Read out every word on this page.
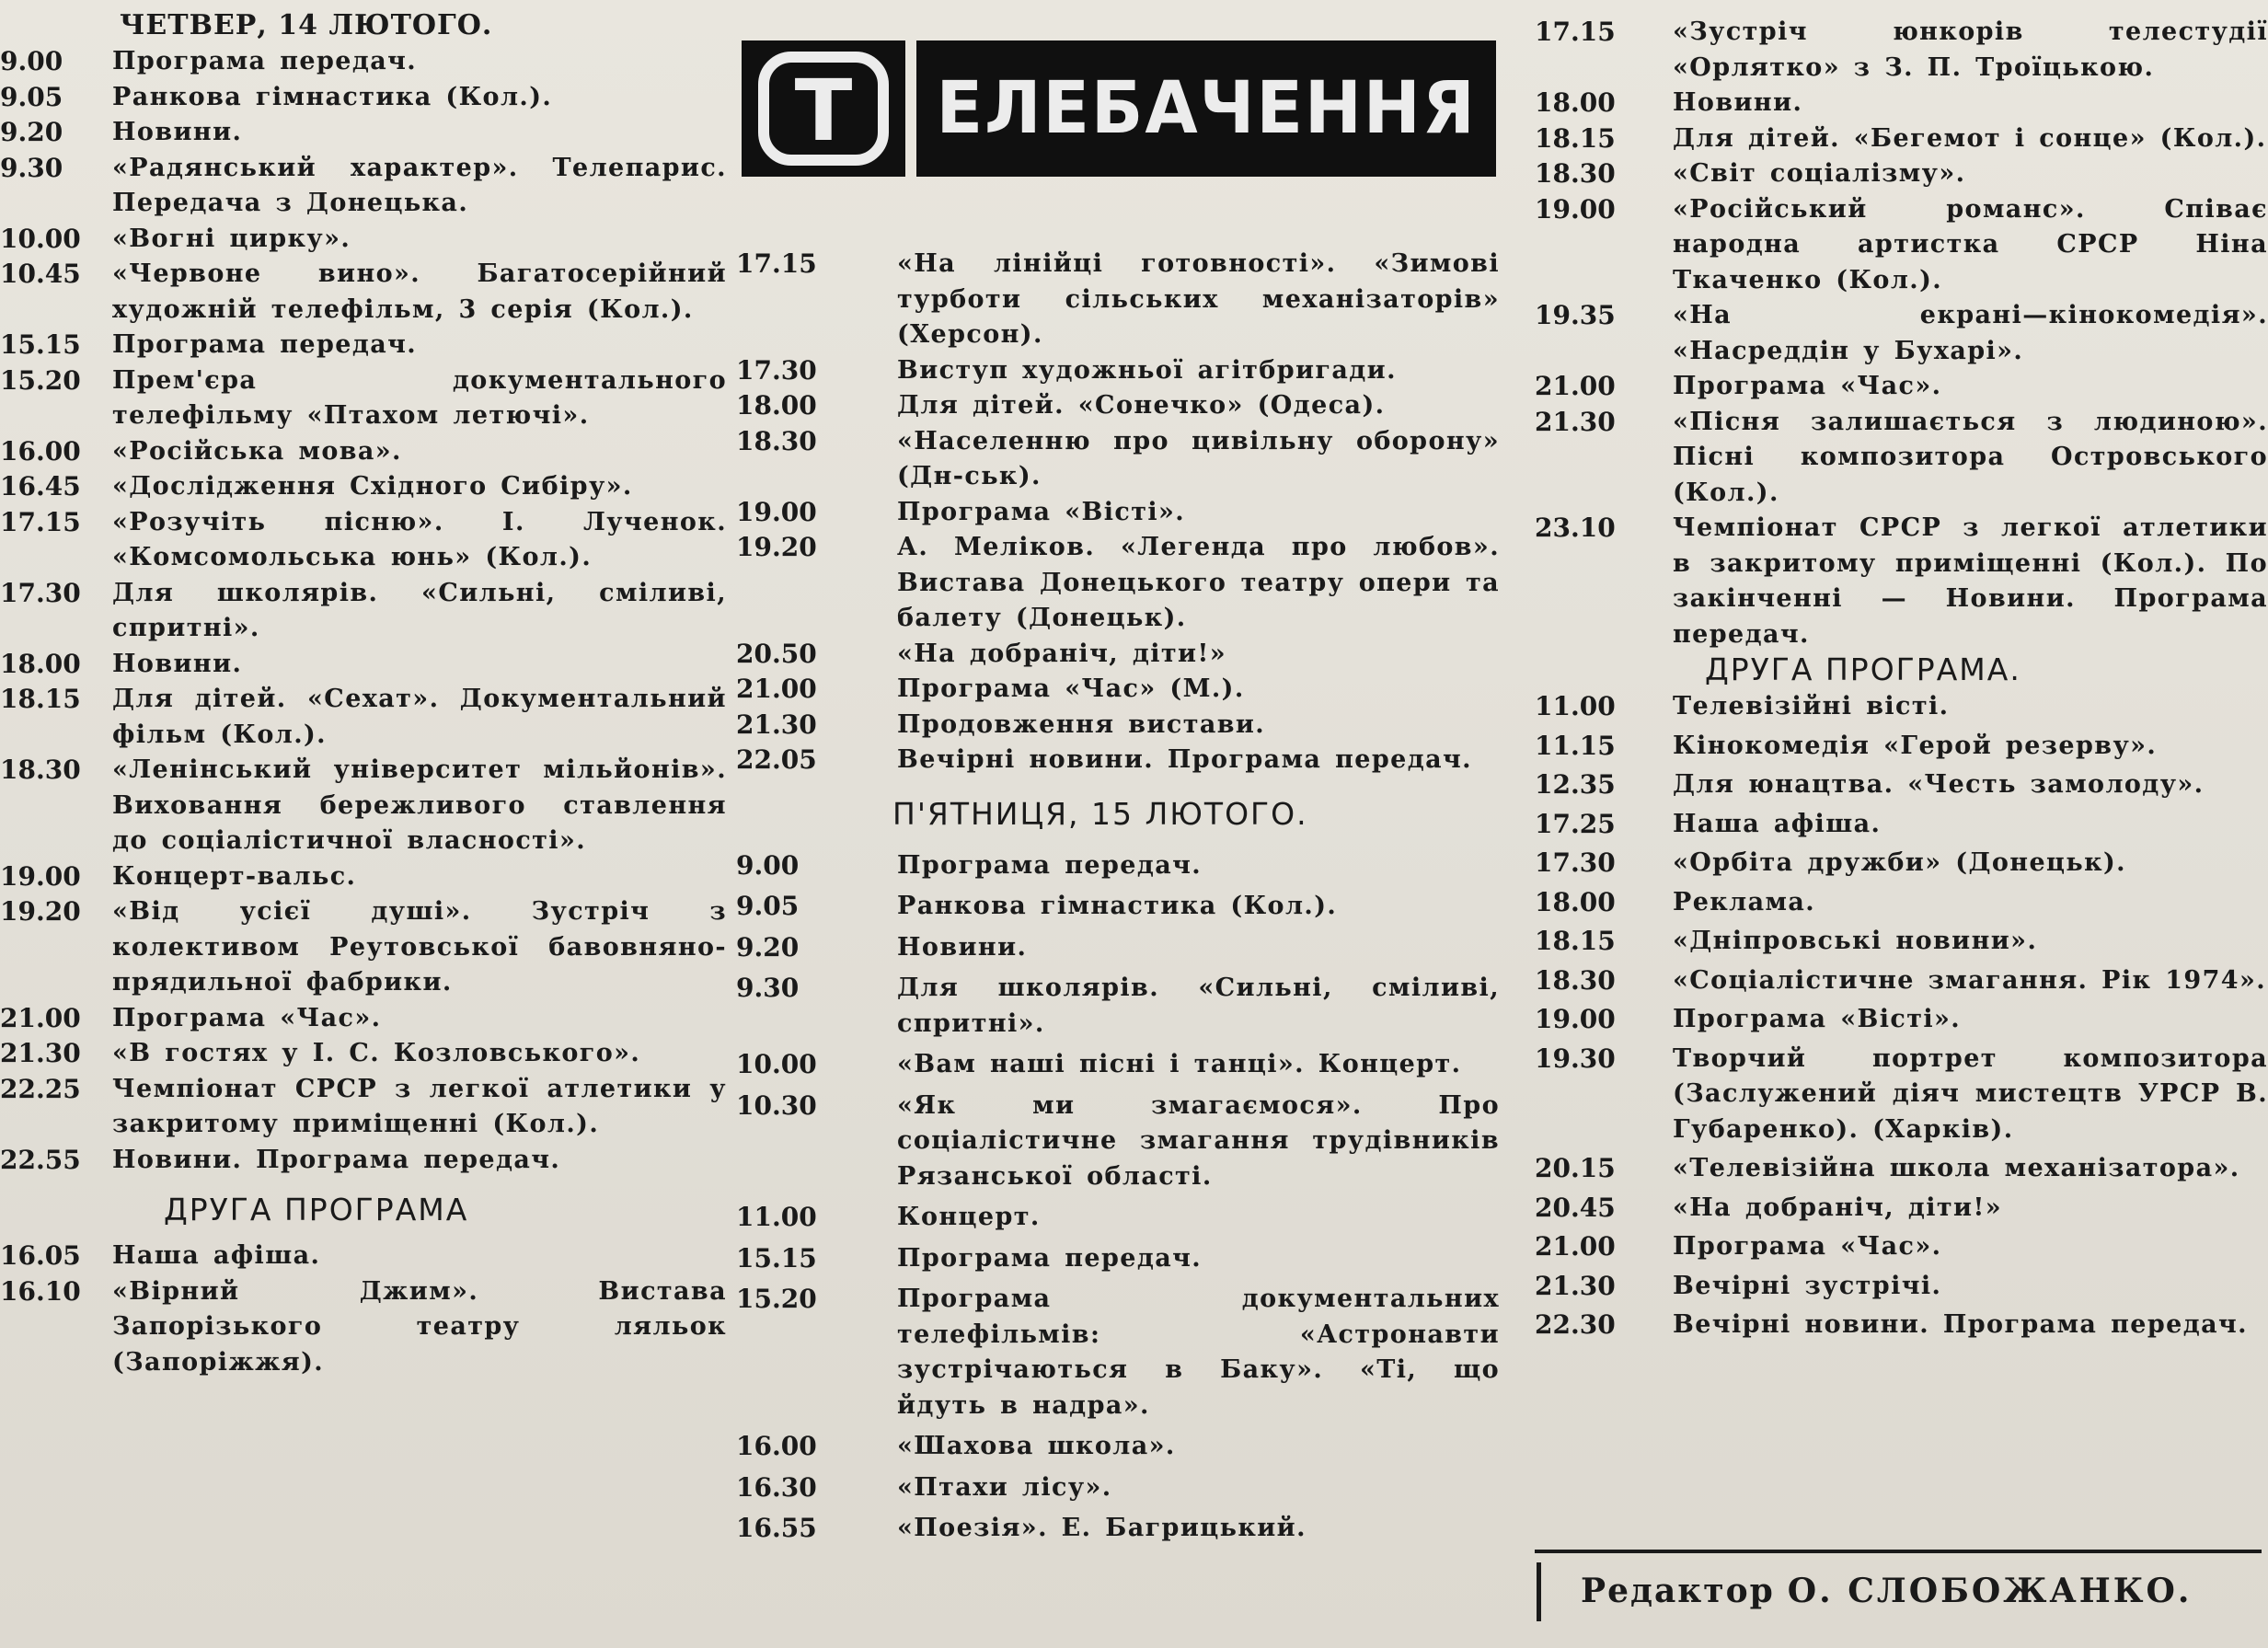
Т ЕЛЕБАЧЕННЯ
ЧЕТВЕР, 14 ЛЮТОГО.
9.00	Програма передач.
9.05	Ранкова гімнастика (Кол.).
9.20	Новини.
9.30	«Радянський характер». Телепарис. Передача з Донецька.
10.00	«Вогні цирку».
10.45	«Червоне вино». Багатосерійний художній телефільм, 3 серія (Кол.).
15.15	Програма передач.
15.20	Прем'єра документального телефільму «Птахом летючі».
16.00	«Російська мова».
16.45	«Дослідження Східного Сибіру».
17.15	«Розучіть пісню». І. Лученок. «Комсомольська юнь» (Кол.).
17.30	Для школярів. «Сильні, сміливі, спритні».
18.00	Новини.
18.15	Для дітей. «Сехат». Документальний фільм (Кол.).
18.30	«Ленінський університет мільйонів». Виховання бережливого ставлення до соціалістичної власності».
19.00	Концерт-вальс.
19.20	«Від усієї душі». Зустріч з колективом Реутовської бавовняно-прядильної фабрики.
21.00	Програма «Час».
21.30	«В гостях у І. С. Козловського».
22.25	Чемпіонат СРСР з легкої атлетики у закритому приміщенні (Кол.).
22.55	Новини. Програма передач.
ДРУГА ПРОГРАМА
16.05	Наша афіша.
16.10	«Вірний Джим». Вистава Запорізького театру ляльок (Запоріжжя).
17.15	«На лінійці готовності». «Зимові турботи сільських механізаторів» (Херсон).
17.30	Виступ художньої агітбригади.
18.00	Для дітей. «Сонечко» (Одеса).
18.30	«Населенню про цивільну оборону» (Дн-ськ).
19.00	Програма «Вісті».
19.20	А. Меліков. «Легенда про любов». Вистава Донецького театру опери та балету (Донецьк).
20.50	«На добраніч, діти!»
21.00	Програма «Час» (М.).
21.30	Продовження вистави.
22.05	Вечірні новини. Програма передач.
П'ЯТНИЦЯ, 15 ЛЮТОГО.
9.00	Програма передач.
9.05	Ранкова гімнастика (Кол.).
9.20	Новини.
9.30	Для школярів. «Сильні, сміливі, спритні».
10.00	«Вам наші пісні і танці». Концерт.
10.30	«Як ми змагаємося». Про соціалістичне змагання трудівників Рязанської області.
11.00	Концерт.
15.15	Програма передач.
15.20	Програма документальних телефільмів: «Астронавти зустрічаються в Баку». «Ті, що йдуть в надра».
16.00	«Шахова школа».
16.30	«Птахи лісу».
16.55	«Поезія». Е. Багрицький.
17.15	«Зустріч юнкорів телестудії «Орлятко» з З. П. Троїцькою.
18.00	Новини.
18.15	Для дітей. «Бегемот і сонце» (Кол.).
18.30	«Світ соціалізму».
19.00	«Російський романс». Співає народна артистка СРСР Ніна Ткаченко (Кол.).
19.35	«На екрані—кінокомедія». «Насреддін у Бухарі».
21.00	Програма «Час».
21.30	«Пісня залишається з людиною». Пісні композитора Островського (Кол.).
23.10	Чемпіонат СРСР з легкої атлетики в закритому приміщенні (Кол.). По закінченні — Новини. Програма передач.
ДРУГА ПРОГРАМА.
11.00	Телевізійні вісті.
11.15	Кінокомедія «Герой резерву».
12.35	Для юнацтва. «Честь замолоду».
17.25	Наша афіша.
17.30	«Орбіта дружби» (Донецьк).
18.00	Реклама.
18.15	«Дніпровські новини».
18.30	«Соціалістичне змагання. Рік 1974».
19.00	Програма «Вісті».
19.30	Творчий портрет композитора (Заслужений діяч мистецтв УРСР В. Губаренко). (Харків).
20.15	«Телевізійна школа механізатора».
20.45	«На добраніч, діти!»
21.00	Програма «Час».
21.30	Вечірні зустрічі.
22.30	Вечірні новини. Програма передач.
Редактор О. СЛОБОЖАНКО.
